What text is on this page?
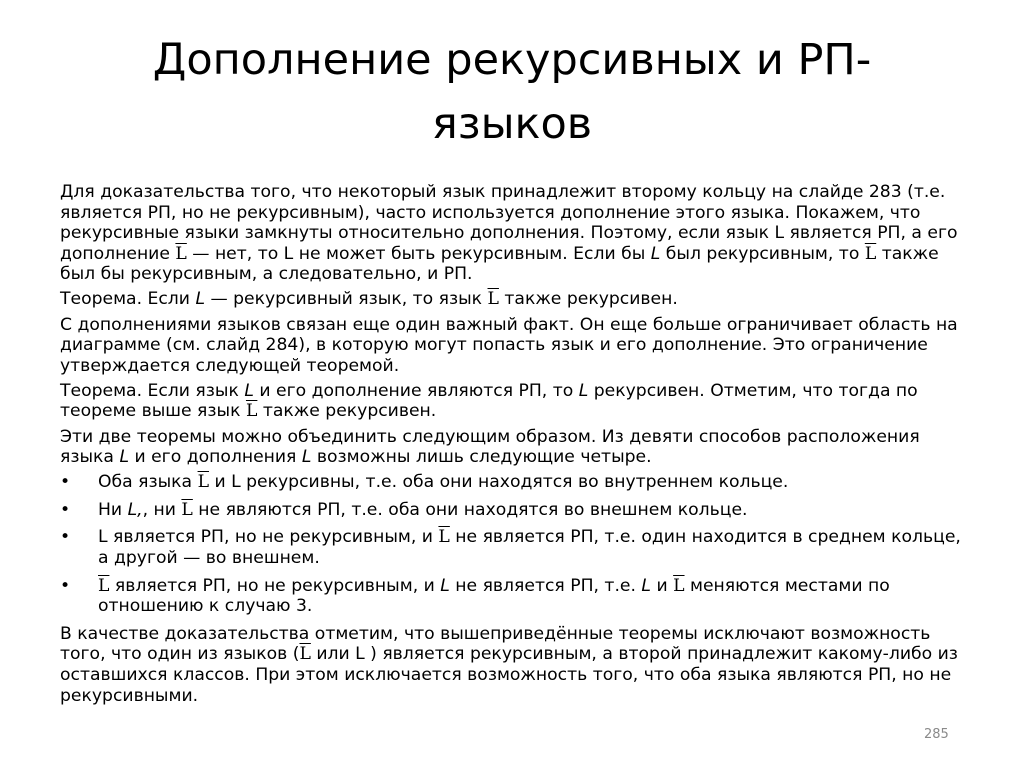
Дополнение рекурсивных и РП-
языков
Для доказательства того, что некоторый язык принадлежит второму кольцу на слайде 283 (т.е. является РП, но не рекурсивным), часто используется дополнение этого языка. Покажем, что рекурсивные языки замкнуты относительно дополнения. Поэтому, если язык L является РП, а его дополнение $\overline{L}$ — нет, то L не может быть рекурсивным. Если бы L был рекурсивным, то $\overline{L}$ также был бы рекурсивным, а следовательно, и РП.
Теорема. Если L — рекурсивный язык, то язык $\overline{L}$ также рекурсивен.
С дополнениями языков связан еще один важный факт. Он еще больше ограничивает область на диаграмме (см. слайд 284), в которую могут попасть язык и его дополнение. Это ограничение утверждается следующей теоремой.
Теорема. Если язык L и его дополнение являются РП, то L рекурсивен. Отметим, что тогда по теореме выше язык $\overline{L}$ также рекурсивен.
Эти две теоремы можно объединить следующим образом. Из девяти способов расположения языка L и его дополнения L возможны лишь следующие четыре.
• Оба языка $\overline{L}$ и L рекурсивны, т.е. оба они находятся во внутреннем кольце.
• Ни L,, ни $\overline{L}$ не являются РП, т.е. оба они находятся во внешнем кольце.
• L является РП, но не рекурсивным, и $\overline{L}$ не является РП, т.е. один находится в среднем кольце, а другой — во внешнем.
• $\overline{L}$ является РП, но не рекурсивным, и L не является РП, т.е. L и $\overline{L}$ меняются местами по отношению к случаю 3.
В качестве доказательства отметим, что вышеприведённые теоремы исключают возможность того, что один из языков ($\overline{L}$ или L ) является рекурсивным, а второй принадлежит какому-либо из оставшихся классов. При этом исключается возможность того, что оба языка являются РП, но не рекурсивными.
285
